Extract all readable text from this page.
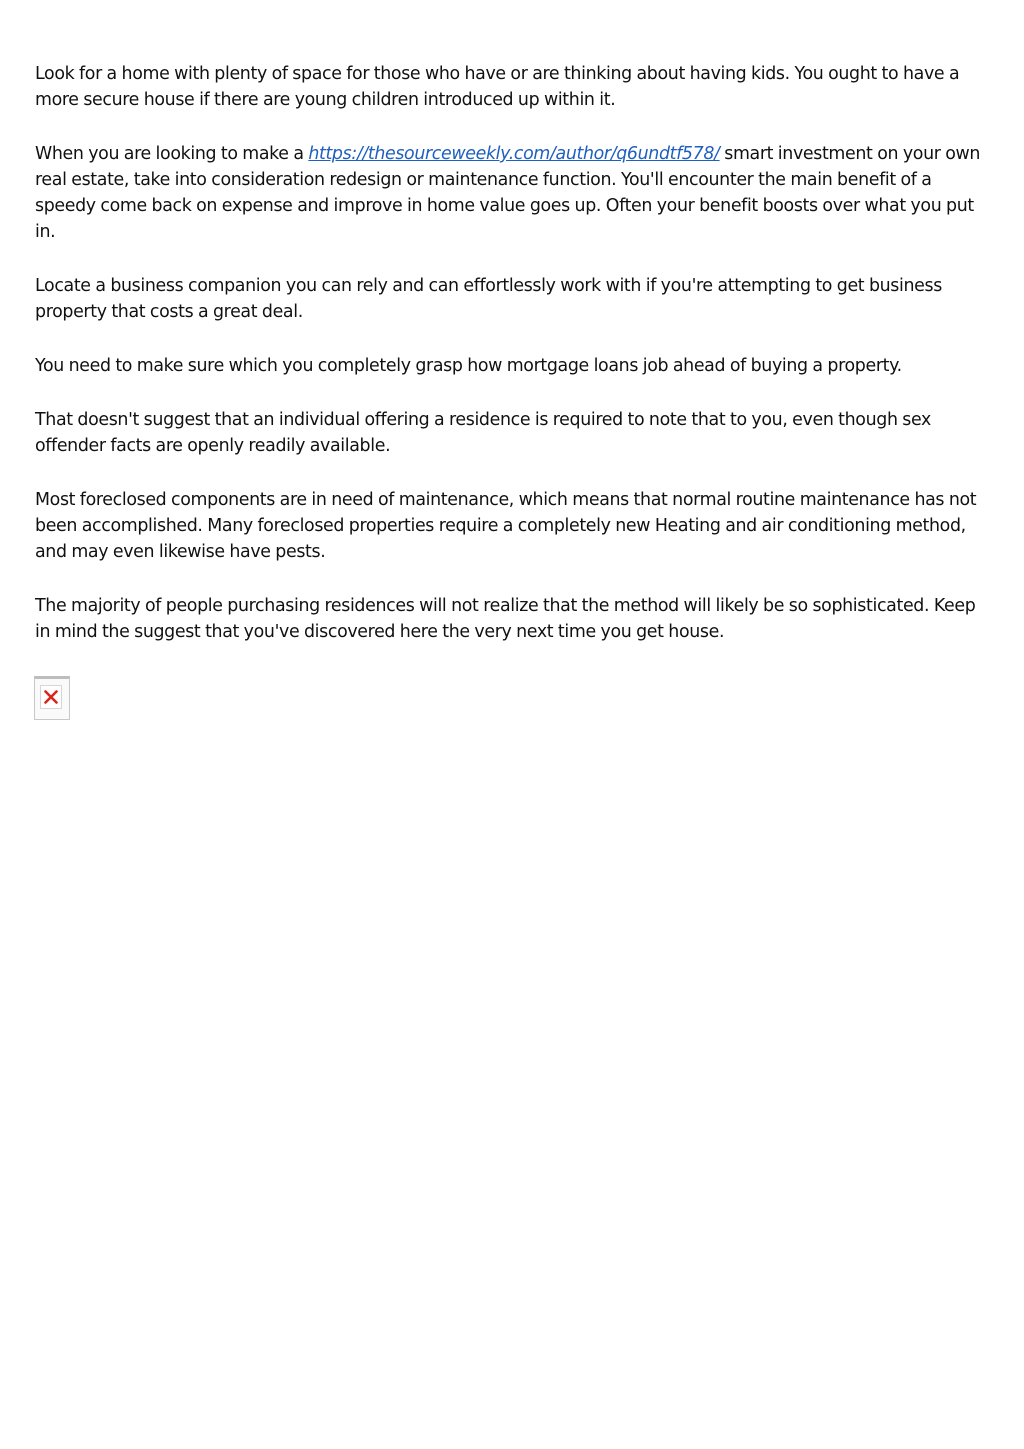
Look for a home with plenty of space for those who have or are thinking about having kids. You ought to have a more secure house if there are young children introduced up within it.

When you are looking to make a https://thesourceweekly.com/author/q6undtf578/ smart investment on your own real estate, take into consideration redesign or maintenance function. You'll encounter the main benefit of a speedy come back on expense and improve in home value goes up. Often your benefit boosts over what you put in.

Locate a business companion you can rely and can effortlessly work with if you're attempting to get business property that costs a great deal.

You need to make sure which you completely grasp how mortgage loans job ahead of buying a property.

That doesn't suggest that an individual offering a residence is required to note that to you, even though sex offender facts are openly readily available.

Most foreclosed components are in need of maintenance, which means that normal routine maintenance has not been accomplished. Many foreclosed properties require a completely new Heating and air conditioning method, and may even likewise have pests.

The majority of people purchasing residences will not realize that the method will likely be so sophisticated. Keep in mind the suggest that you've discovered here the very next time you get house.
